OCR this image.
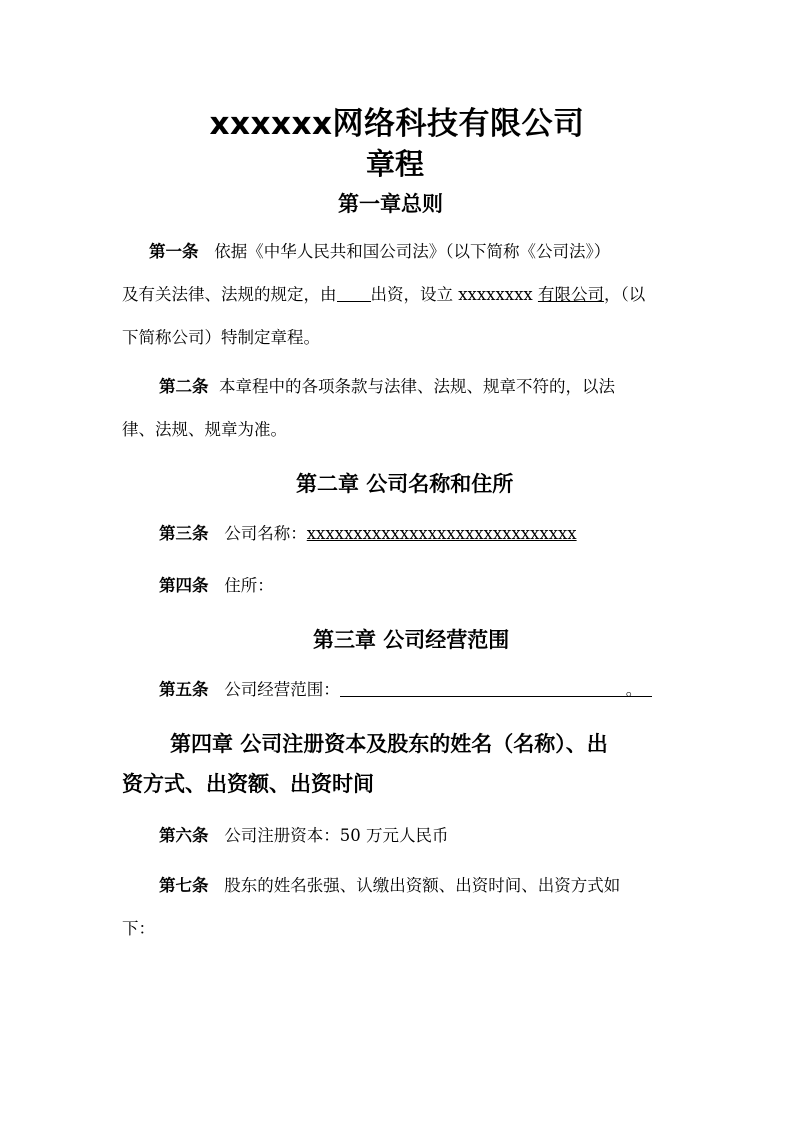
xxxxxx网络科技有限公司
章程
第一章总则
第一条 依据《中华人民共和国公司法》（以下简称《公司法》）
及有关法律、法规的规定，由 出资，设立 xxxxxxxx 有限公司，（以
下简称公司）特制定章程。
第二条 本章程中的各项条款与法律、法规、规章不符的，以法
律、法规、规章为准。
第二章 公司名称和住所
第三条 公司名称：xxxxxxxxxxxxxxxxxxxxxxxxxxxxx
第四条 住所：
第三章 公司经营范围
第五条 公司经营范围：	。
第四章 公司注册资本及股东的姓名（名称）、出
资方式、出资额、出资时间
第六条 公司注册资本：50 万元人民币
第七条 股东的姓名张强、认缴出资额、出资时间、出资方式如
下：
